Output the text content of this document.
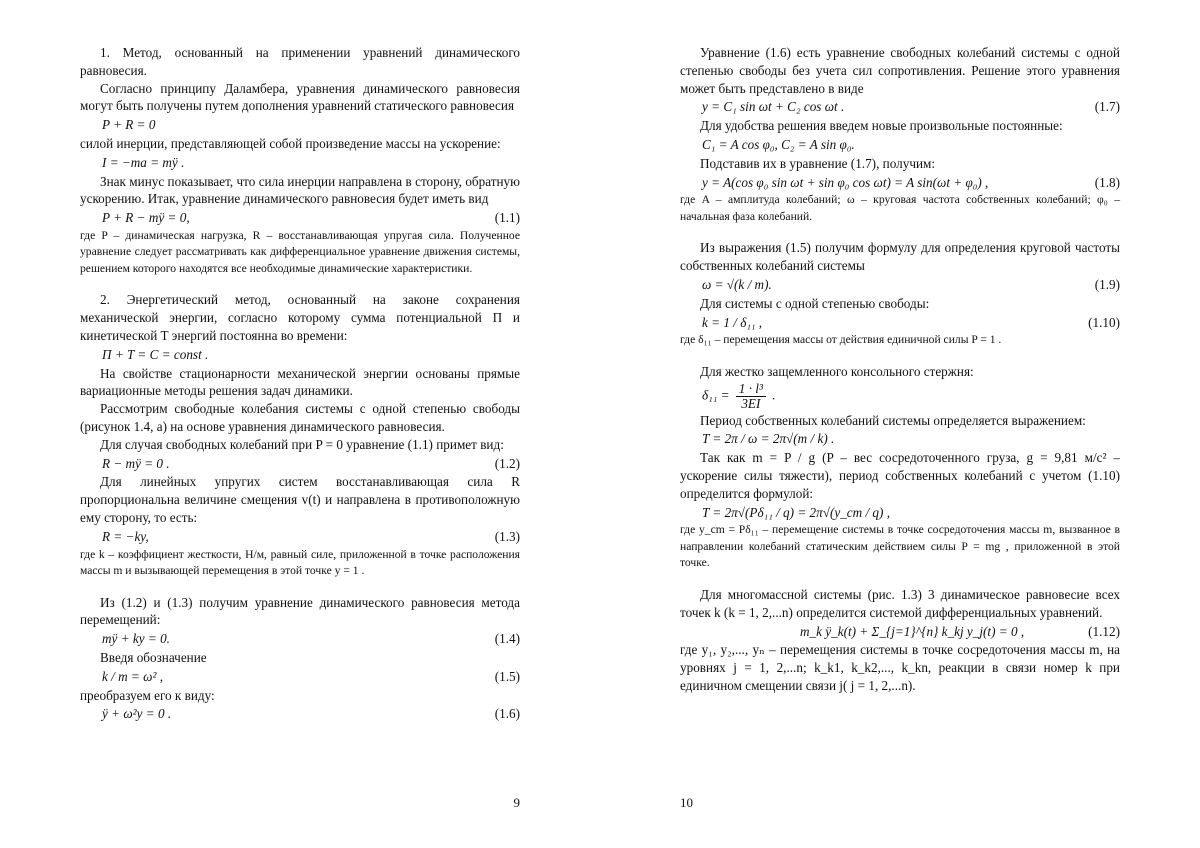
1. Метод, основанный на применении уравнений динамического равновесия.

Согласно принципу Даламбера, уравнения динамического равновесия могут быть получены путем дополнения уравнений статического равновесия

P + R = 0

силой инерции, представляющей собой произведение массы на ускорение:

I = −ma = mÿ .

Знак минус показывает, что сила инерции направлена в сторону, обратную ускорению. Итак, уравнение динамического равновесия будет иметь вид

P + R − mÿ = 0,	(1.1)

где P – динамическая нагрузка, R – восстанавливающая упругая сила. Полученное уравнение следует рассматривать как дифференциальное уравнение движения системы, решением которого находятся все необходимые динамические характеристики.

2. Энергетический метод, основанный на законе сохранения механической энергии, согласно которому сумма потенциальной П и кинетической T энергий постоянна во времени:

П + T = C = const .

На свойстве стационарности механической энергии основаны прямые вариационные методы решения задач динамики.

Рассмотрим свободные колебания системы с одной степенью свободы (рисунок 1.4, а) на основе уравнения динамического равновесия.

Для случая свободных колебаний при P = 0 уравнение (1.1) примет вид:

R − mÿ = 0 .	(1.2)

Для линейных упругих систем восстанавливающая сила R пропорциональна величине смещения v(t) и направлена в противоположную ему сторону, то есть:

R = −ky,	(1.3)

где k – коэффициент жесткости, Н/м, равный силе, приложенной в точке расположения массы m и вызывающей перемещения в этой точке y = 1 .

Из (1.2) и (1.3) получим уравнение динамического равновесия метода перемещений:

mÿ + ky = 0.	(1.4)

Введя обозначение

k / m = ω² ,	(1.5)

преобразуем его к виду:

ÿ + ω²y = 0 .	(1.6)
9

Уравнение (1.6) есть уравнение свободных колебаний системы с одной степенью свободы без учета сил сопротивления. Решение этого уравнения может быть представлено в виде

y = C₁ sin ωt + C₂ cos ωt .	(1.7)

Для удобства решения введем новые произвольные постоянные:

C₁ = A cos φ₀, C₂ = A sin φ₀.

Подставив их в уравнение (1.7), получим:

y = A(cos φ₀ sin ωt + sin φ₀ cos ωt) = A sin(ωt + φ₀) ,	(1.8)

где A – амплитуда колебаний; ω – круговая частота собственных колебаний; φ₀ – начальная фаза колебаний.

Из выражения (1.5) получим формулу для определения круговой частоты собственных колебаний системы

ω = √(k / m).	(1.9)

Для системы с одной степенью свободы:

k = 1 / δ₁₁ ,	(1.10)

где δ₁₁ – перемещения массы от действия единичной силы P = 1 .

Для жестко защемленного консольного стержня:

$\delta_{11} = \frac{\text{1 · l³}}{3EI}$ .

Период собственных колебаний системы определяется выражением:

T = 2π / ω = 2π√(m / k) .

Так как m = P / g (P – вес сосредоточенного груза, g = 9,81 м/с² – ускорение силы тяжести), период собственных колебаний с учетом (1.10) определится формулой:

T = 2π√(Pδ₁₁ / q) = 2π√(y_cm / q) ,

где y_cm = Pδ₁₁ – перемещение системы в точке сосредоточения массы m, вызванное в направлении колебаний статическим действием силы P = mg , приложенной в этой точке.

Для многомассной системы (рис. 1.3) 3 динамическое равновесие всех точек k (k = 1, 2,...n) определится системой дифференциальных уравнений.

m_k ÿ_k(t) + Σ_{j=1}^{n} k_kj y_j(t) = 0 ,	(1.12)

где y₁, y₂,..., yₙ – перемещения системы в точке сосредоточения массы m, на уровнях j = 1, 2,...n; k_k1, k_k2,..., k_kn, реакции в связи номер k при единичном смещении связи j( j = 1, 2,...n).

10
